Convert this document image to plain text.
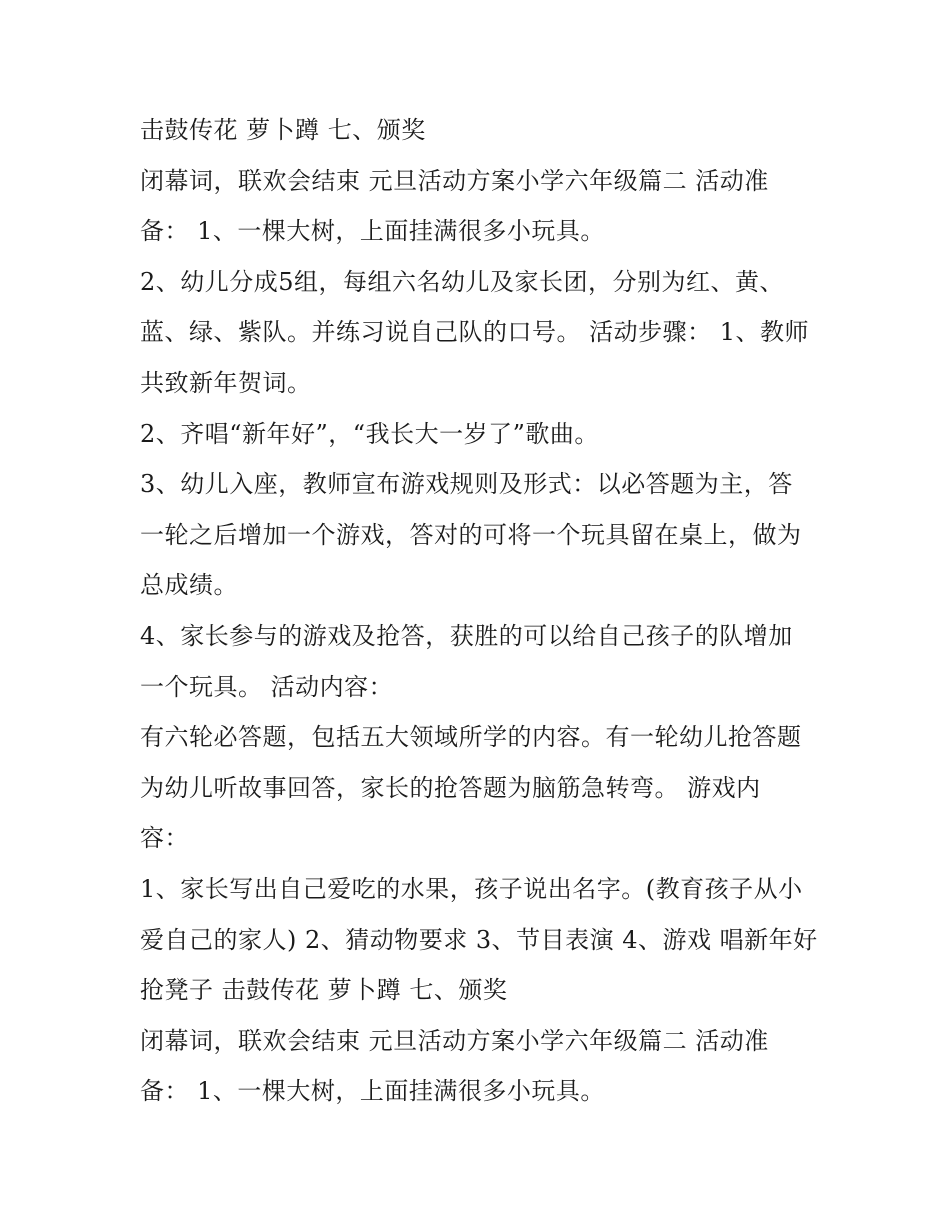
击鼓传花 萝卜蹲 七、颁奖
闭幕词，联欢会结束 元旦活动方案小学六年级篇二 活动准
备： 1、一棵大树，上面挂满很多小玩具。
2、幼儿分成5组，每组六名幼儿及家长团，分别为红、黄、
蓝、绿、紫队。并练习说自己队的口号。 活动步骤： 1、教师
共致新年贺词。
2、齐唱“新年好”，“我长大一岁了”歌曲。
3、幼儿入座，教师宣布游戏规则及形式：以必答题为主，答
一轮之后增加一个游戏，答对的可将一个玩具留在桌上，做为
总成绩。
4、家长参与的游戏及抢答，获胜的可以给自己孩子的队增加
一个玩具。 活动内容：
有六轮必答题，包括五大领域所学的内容。有一轮幼儿抢答题
为幼儿听故事回答，家长的抢答题为脑筋急转弯。 游戏内
容：
1、家长写出自己爱吃的水果，孩子说出名字。(教育孩子从小
爱自己的家人) 2、猜动物要求 3、节目表演 4、游戏 唱新年好
抢凳子 击鼓传花 萝卜蹲 七、颁奖
闭幕词，联欢会结束 元旦活动方案小学六年级篇二 活动准
备： 1、一棵大树，上面挂满很多小玩具。
